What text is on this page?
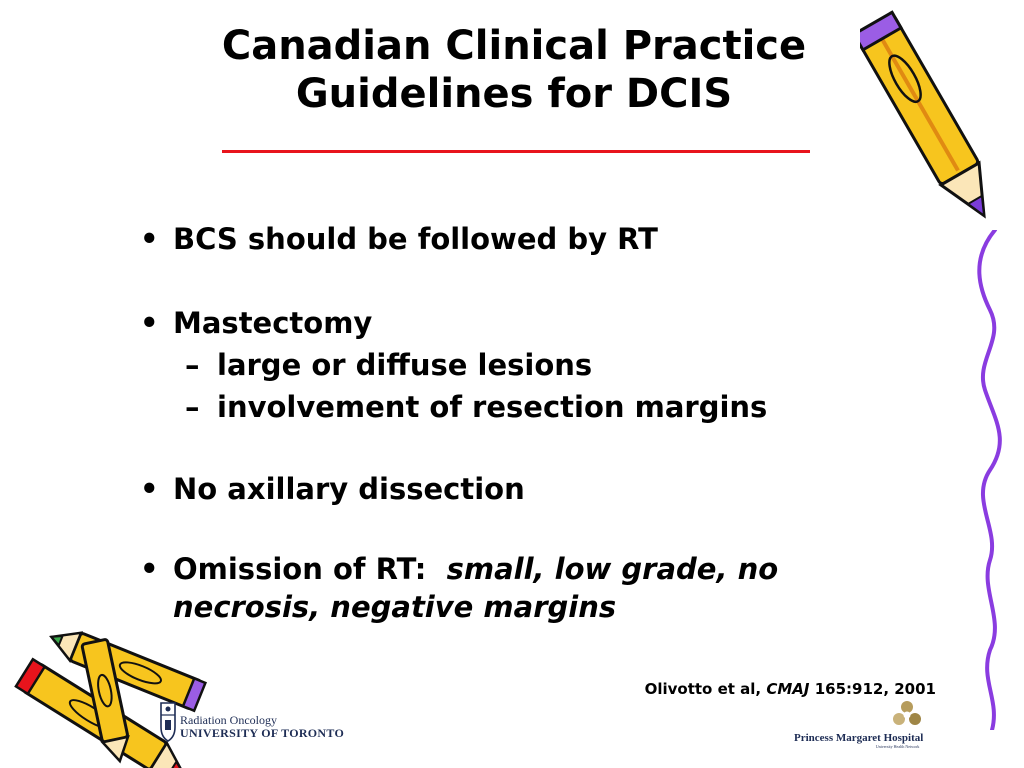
Canadian Clinical Practice
Guidelines for DCIS
• BCS should be followed by RT
• Mastectomy
– large or diffuse lesions
– involvement of resection margins
• No axillary dissection
• Omission of RT: small, low grade, no
necrosis, negative margins
Olivotto et al, CMAJ 165:912, 2001
Radiation Oncology
UNIVERSITY OF TORONTO	Princess Margaret Hospital
University Health Network
